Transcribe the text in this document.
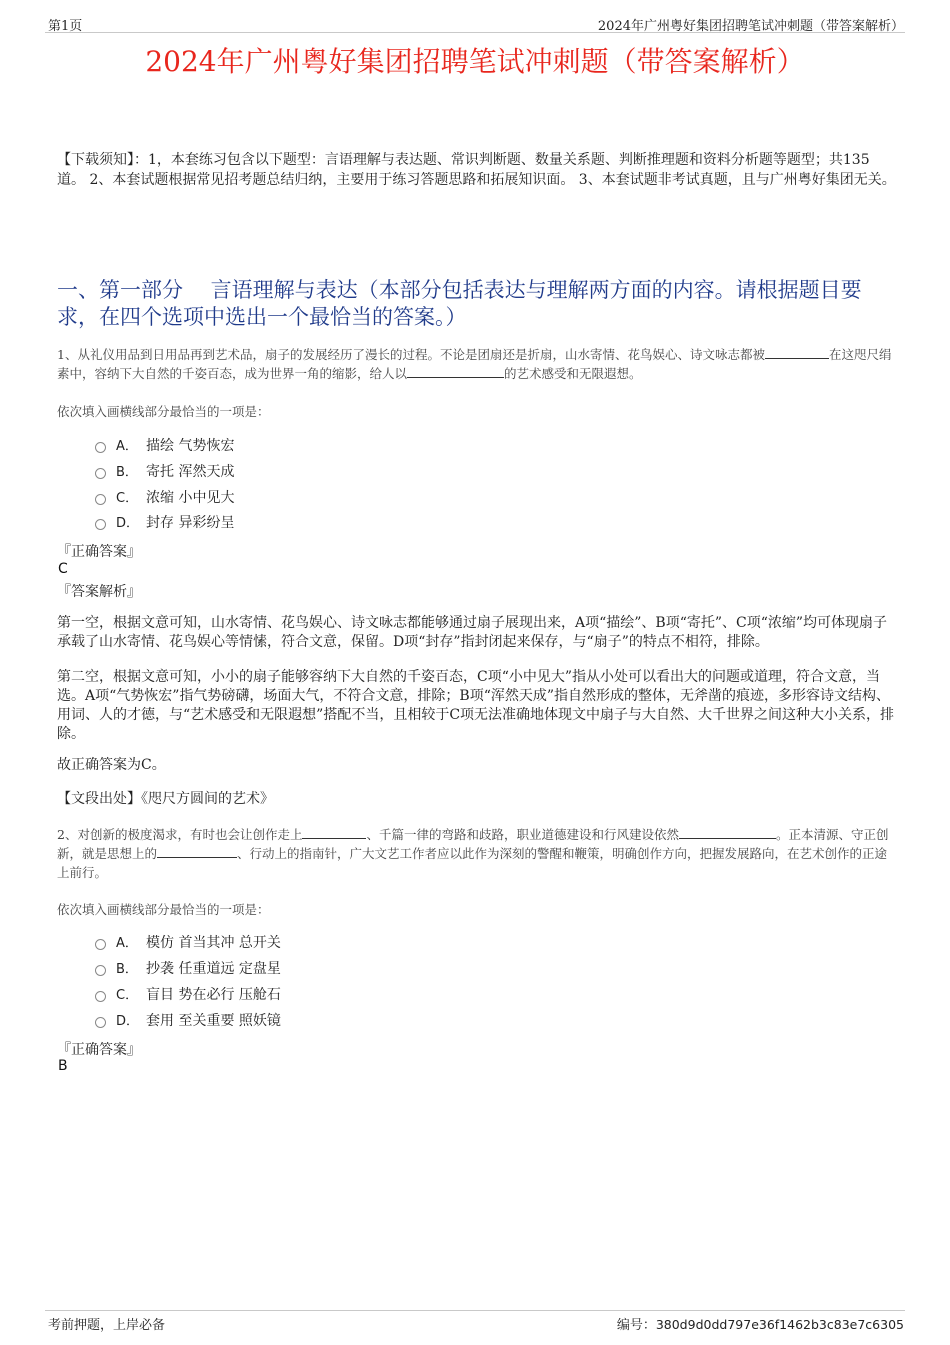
第1页	2024年广州粤好集团招聘笔试冲刺题（带答案解析）
2024年广州粤好集团招聘笔试冲刺题（带答案解析）
【下载须知】：1，本套练习包含以下题型：言语理解与表达题、常识判断题、数量关系题、判断推理题和资料分析题等题型；共135道。 2、本套试题根据常见招考题总结归纳，主要用于练习答题思路和拓展知识面。 3、本套试题非考试真题，且与广州粤好集团无关。
一、第一部分　 言语理解与表达（本部分包括表达与理解两方面的内容。请根据题目要求，在四个选项中选出一个最恰当的答案。）
1、从礼仪用品到日用品再到艺术品，扇子的发展经历了漫长的过程。不论是团扇还是折扇，山水寄情、花鸟娱心、诗文咏志都被	在这咫尺绢素中，容纳下大自然的千姿百态，成为世界一角的缩影，给人以	的艺术感受和无限遐想。
依次填入画横线部分最恰当的一项是：
A． 描绘 气势恢宏
B． 寄托 浑然天成
C． 浓缩 小中见大
D． 封存 异彩纷呈
『正确答案』
C
『答案解析』
第一空，根据文意可知，山水寄情、花鸟娱心、诗文咏志都能够通过扇子展现出来，A项“描绘”、B项“寄托”、C项“浓缩”均可体现扇子承载了山水寄情、花鸟娱心等情愫，符合文意，保留。D项“封存”指封闭起来保存，与“扇子”的特点不相符，排除。
第二空，根据文意可知，小小的扇子能够容纳下大自然的千姿百态，C项“小中见大”指从小处可以看出大的问题或道理，符合文意，当选。A项“气势恢宏”指气势磅礴，场面大气，不符合文意，排除；B项“浑然天成”指自然形成的整体，无斧凿的痕迹，多形容诗文结构、用词、人的才德，与“艺术感受和无限遐想”搭配不当，且相较于C项无法准确地体现文中扇子与大自然、大千世界之间这种大小关系，排除。
故正确答案为C。
【文段出处】《咫尺方圆间的艺术》
2、对创新的极度渴求，有时也会让创作走上	、千篇一律的弯路和歧路，职业道德建设和行风建设依然	。正本清源、守正创新，就是思想上的	、行动上的指南针，广大文艺工作者应以此作为深刻的警醒和鞭策，明确创作方向，把握发展路向，在艺术创作的正途上前行。
依次填入画横线部分最恰当的一项是：
A． 模仿 首当其冲 总开关
B． 抄袭 任重道远 定盘星
C． 盲目 势在必行 压舱石
D． 套用 至关重要 照妖镜
『正确答案』
B
考前押题，上岸必备	编号：380d9d0dd797e36f1462b3c83e7c6305
